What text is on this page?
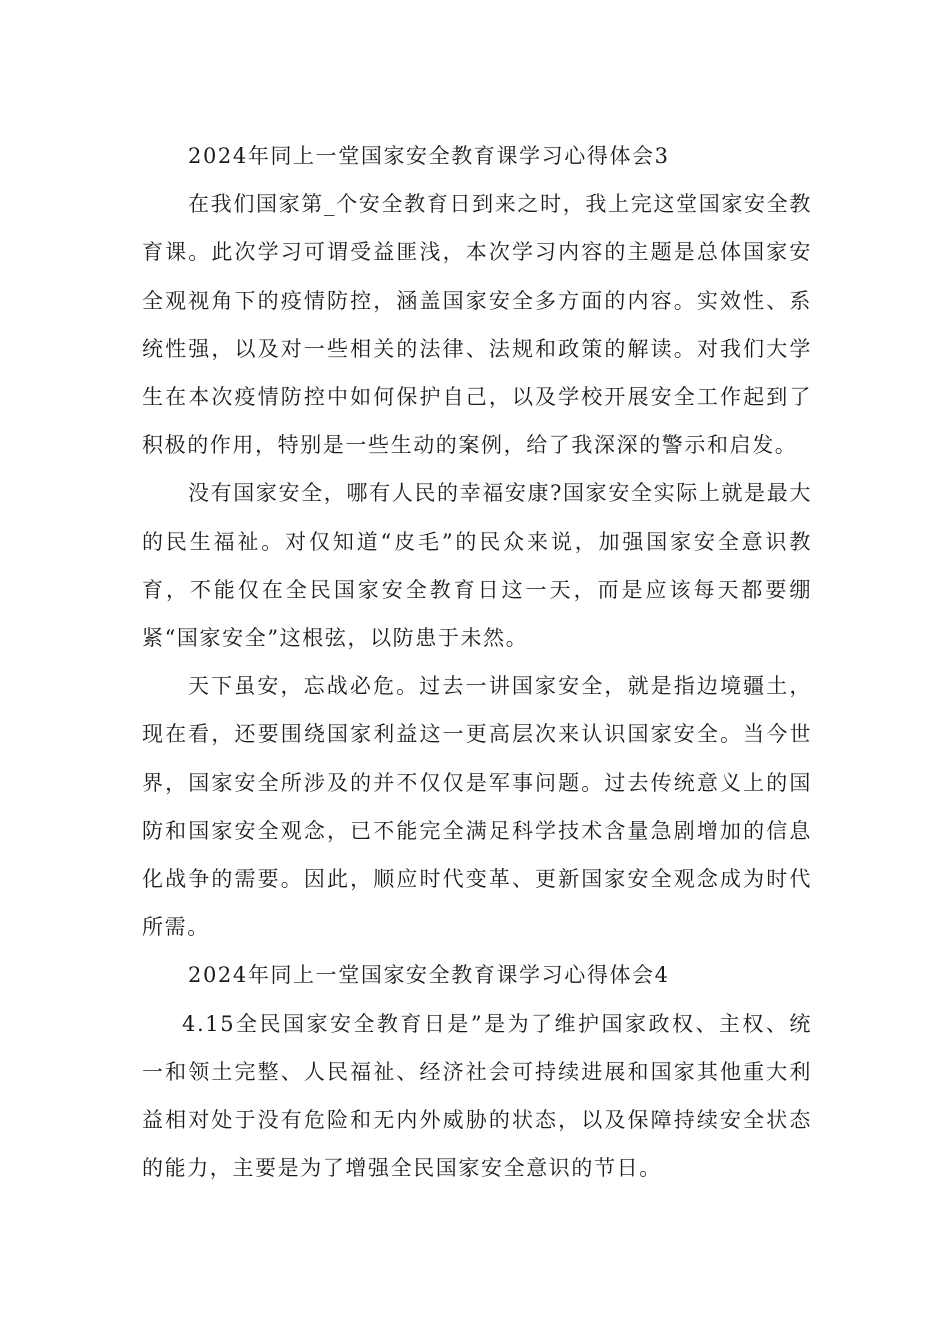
2024年同上一堂国家安全教育课学习心得体会3

在我们国家第_个安全教育日到来之时，我上完这堂国家安全教育课。此次学习可谓受益匪浅，本次学习内容的主题是总体国家安全观视角下的疫情防控，涵盖国家安全多方面的内容。实效性、系统性强，以及对一些相关的法律、法规和政策的解读。对我们大学生在本次疫情防控中如何保护自己，以及学校开展安全工作起到了积极的作用，特别是一些生动的案例，给了我深深的警示和启发。

没有国家安全，哪有人民的幸福安康?国家安全实际上就是最大的民生福祉。对仅知道“皮毛”的民众来说，加强国家安全意识教育，不能仅在全民国家安全教育日这一天，而是应该每天都要绷紧“国家安全”这根弦，以防患于未然。

天下虽安，忘战必危。过去一讲国家安全，就是指边境疆土，现在看，还要围绕国家利益这一更高层次来认识国家安全。当今世界，国家安全所涉及的并不仅仅是军事问题。过去传统意义上的国防和国家安全观念，已不能完全满足科学技术含量急剧增加的信息化战争的需要。因此，顺应时代变革、更新国家安全观念成为时代所需。

2024年同上一堂国家安全教育课学习心得体会4

4.15全民国家安全教育日是”是为了维护国家政权、主权、统一和领土完整、人民福祉、经济社会可持续进展和国家其他重大利益相对处于没有危险和无内外威胁的状态，以及保障持续安全状态的能力，主要是为了增强全民国家安全意识的节日。
